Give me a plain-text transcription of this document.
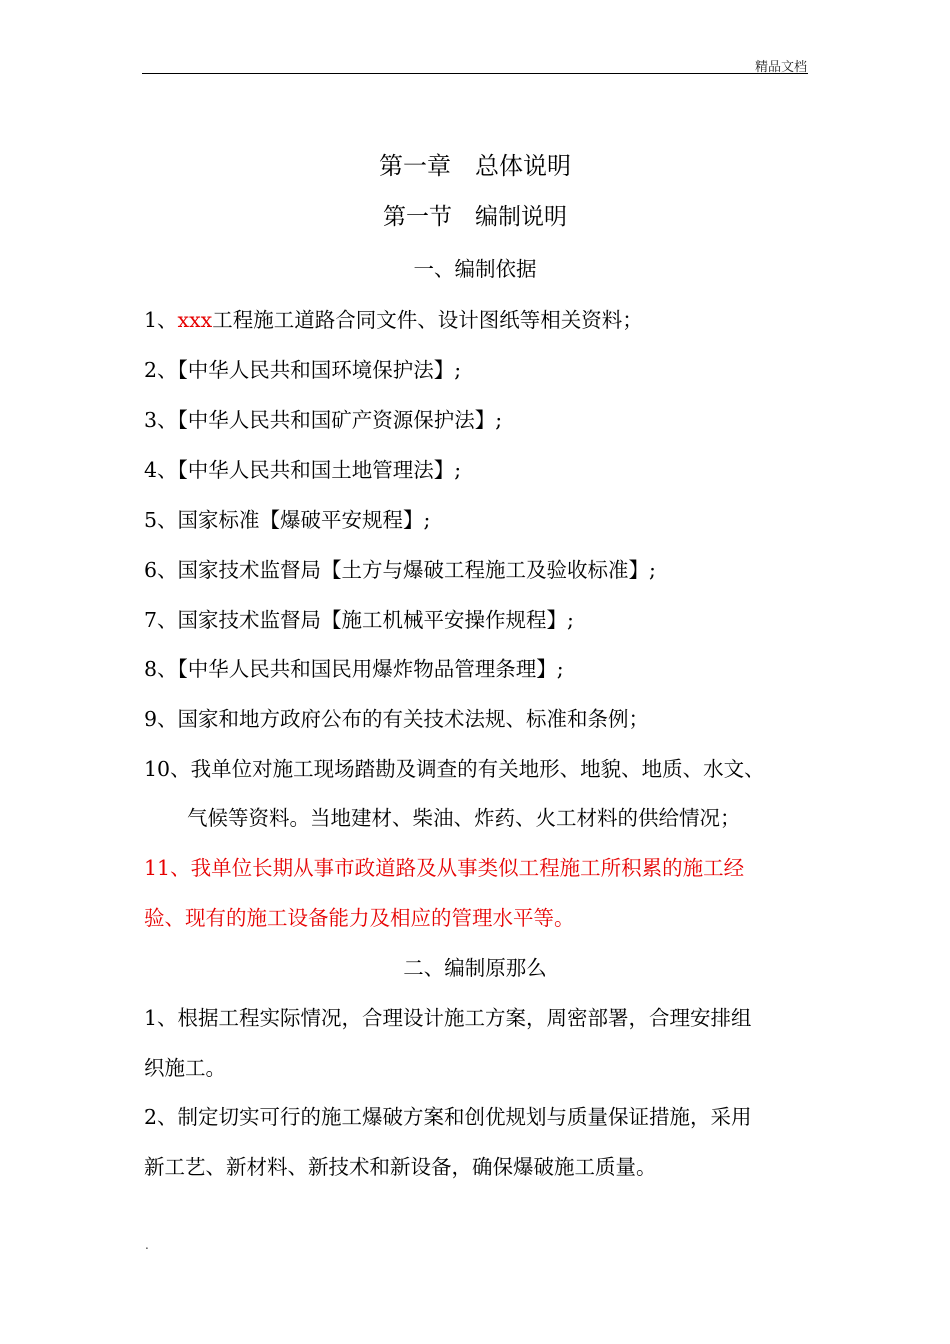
精品文档
第一章　总体说明
第一节　编制说明
一、编制依据
1、xxx工程施工道路合同文件、设计图纸等相关资料；
2、【中华人民共和国环境保护法】;
3、【中华人民共和国矿产资源保护法】;
4、【中华人民共和国土地管理法】;
5、国家标准【爆破平安规程】;
6、国家技术监督局【土方与爆破工程施工及验收标准】;
7、国家技术监督局【施工机械平安操作规程】;
8、【中华人民共和国民用爆炸物品管理条理】;
9、国家和地方政府公布的有关技术法规、标准和条例；
10、我单位对施工现场踏勘及调查的有关地形、地貌、地质、水文、
气候等资料。当地建材、柴油、炸药、火工材料的供给情况；
11、我单位长期从事市政道路及从事类似工程施工所积累的施工经
验、现有的施工设备能力及相应的管理水平等。
二、编制原那么
1、根据工程实际情况，合理设计施工方案，周密部署，合理安排组
织施工。
2、制定切实可行的施工爆破方案和创优规划与质量保证措施，采用
新工艺、新材料、新技术和新设备，确保爆破施工质量。
.
